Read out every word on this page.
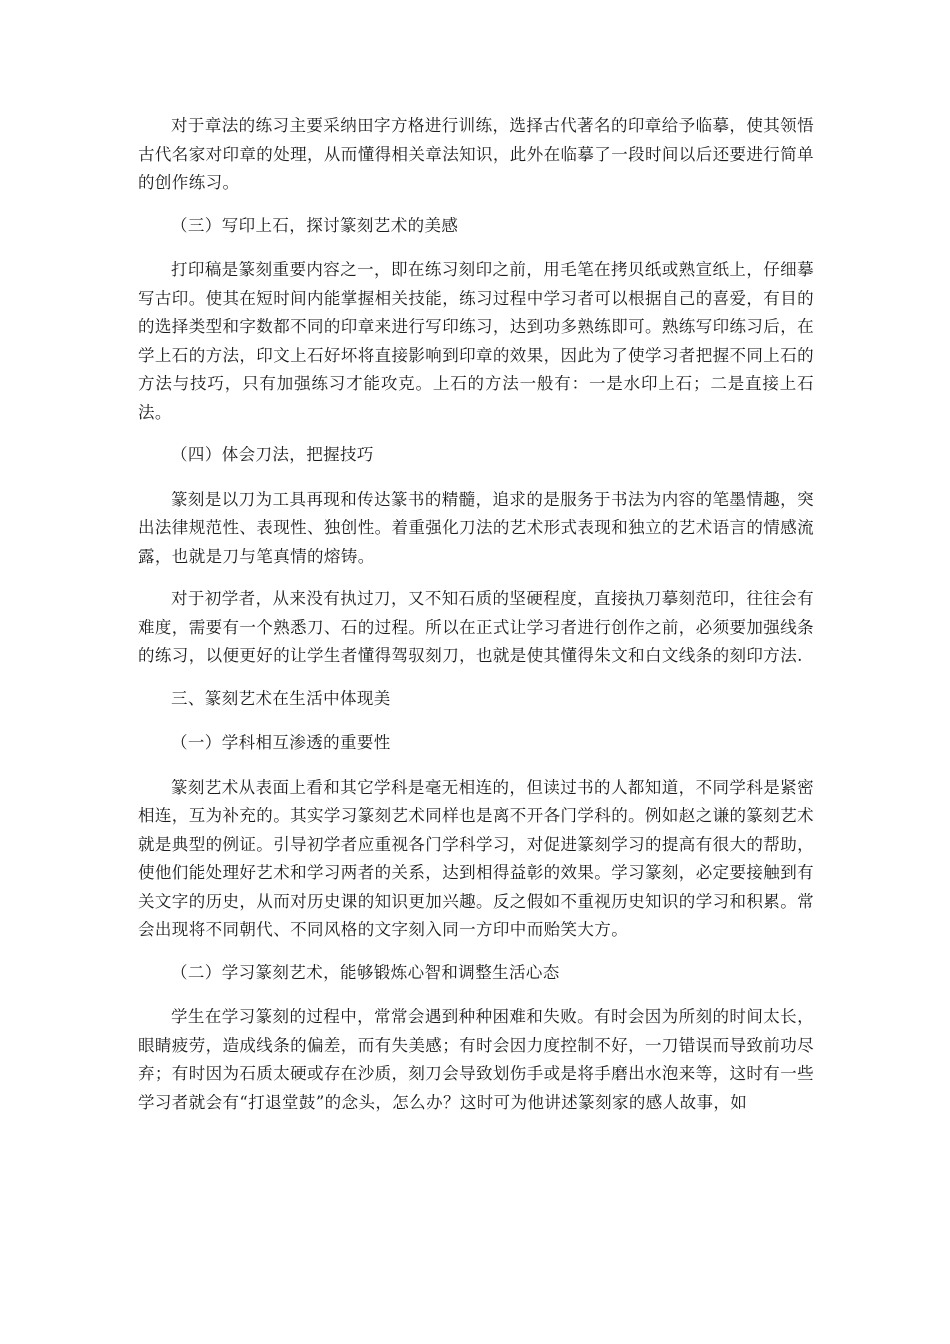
对于章法的练习主要采纳田字方格进行训练，选择古代著名的印章给予临摹，使其领悟古代名家对印章的处理，从而懂得相关章法知识，此外在临摹了一段时间以后还要进行简单的创作练习。

（三）写印上石，探讨篆刻艺术的美感

打印稿是篆刻重要内容之一，即在练习刻印之前，用毛笔在拷贝纸或熟宣纸上，仔细摹写古印。使其在短时间内能掌握相关技能，练习过程中学习者可以根据自己的喜爱，有目的的选择类型和字数都不同的印章来进行写印练习，达到功多熟练即可。熟练写印练习后，在学上石的方法，印文上石好坏将直接影响到印章的效果，因此为了使学习者把握不同上石的方法与技巧，只有加强练习才能攻克。上石的方法一般有：一是水印上石；二是直接上石法。

（四）体会刀法，把握技巧

篆刻是以刀为工具再现和传达篆书的精髓，追求的是服务于书法为内容的笔墨情趣，突出法律规范性、表现性、独创性。着重强化刀法的艺术形式表现和独立的艺术语言的情感流露，也就是刀与笔真情的熔铸。

对于初学者，从来没有执过刀，又不知石质的坚硬程度，直接执刀摹刻范印，往往会有难度，需要有一个熟悉刀、石的过程。所以在正式让学习者进行创作之前，必须要加强线条的练习，以便更好的让学生者懂得驾驭刻刀，也就是使其懂得朱文和白文线条的刻印方法.

三、篆刻艺术在生活中体现美

（一）学科相互渗透的重要性

篆刻艺术从表面上看和其它学科是毫无相连的，但读过书的人都知道，不同学科是紧密相连，互为补充的。其实学习篆刻艺术同样也是离不开各门学科的。例如赵之谦的篆刻艺术就是典型的例证。引导初学者应重视各门学科学习，对促进篆刻学习的提高有很大的帮助，使他们能处理好艺术和学习两者的关系，达到相得益彰的效果。学习篆刻，必定要接触到有关文字的历史，从而对历史课的知识更加兴趣。反之假如不重视历史知识的学习和积累。常会出现将不同朝代、不同风格的文字刻入同一方印中而贻笑大方。

（二）学习篆刻艺术，能够锻炼心智和调整生活心态

学生在学习篆刻的过程中，常常会遇到种种困难和失败。有时会因为所刻的时间太长，眼睛疲劳，造成线条的偏差，而有失美感；有时会因力度控制不好，一刀错误而导致前功尽弃；有时因为石质太硬或存在沙质，刻刀会导致划伤手或是将手磨出水泡来等，这时有一些学习者就会有“打退堂鼓”的念头，怎么办？这时可为他讲述篆刻家的感人故事，如
